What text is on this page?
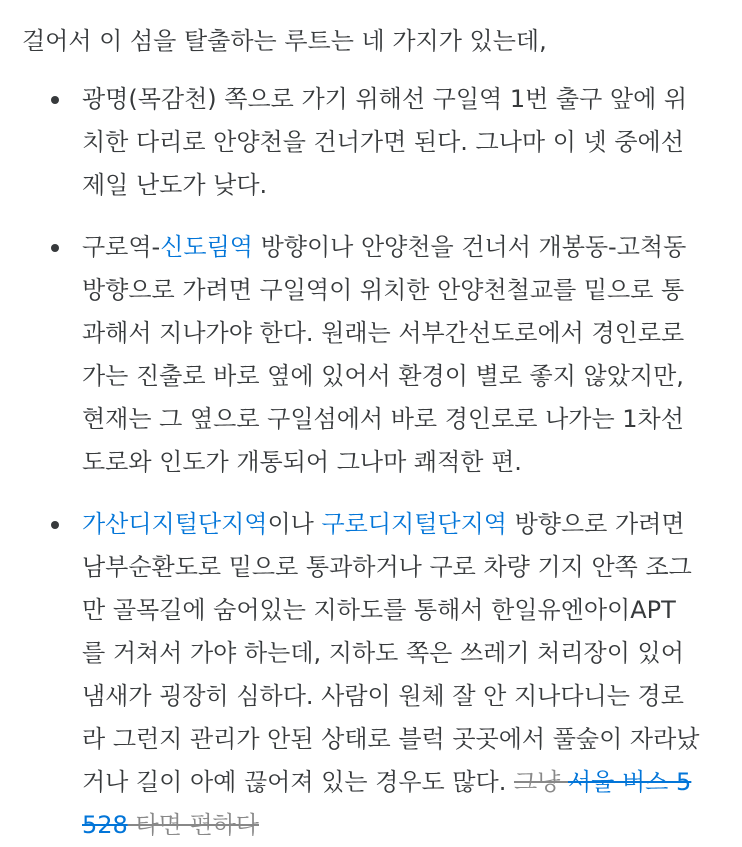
걸어서 이 섬을 탈출하는 루트는 네 가지가 있는데,

광명(목감천) 쪽으로 가기 위해선 구일역 1번 출구 앞에 위
치한 다리로 안양천을 건너가면 된다. 그나마 이 넷 중에선
제일 난도가 낮다.
구로역-신도림역 방향이나 안양천을 건너서 개봉동-고척동
방향으로 가려면 구일역이 위치한 안양천철교를 밑으로 통
과해서 지나가야 한다. 원래는 서부간선도로에서 경인로로
가는 진출로 바로 옆에 있어서 환경이 별로 좋지 않았지만,
현재는 그 옆으로 구일섬에서 바로 경인로로 나가는 1차선
도로와 인도가 개통되어 그나마 쾌적한 편.
가산디지털단지역이나 구로디지털단지역 방향으로 가려면
남부순환도로 밑으로 통과하거나 구로 차량 기지 안쪽 조그
만 골목길에 숨어있는 지하도를 통해서 한일유엔아이APT
를 거쳐서 가야 하는데, 지하도 쪽은 쓰레기 처리장이 있어
냄새가 굉장히 심하다. 사람이 원체 잘 안 지나다니는 경로
라 그런지 관리가 안된 상태로 블럭 곳곳에서 풀숲이 자라났
거나 길이 아예 끊어져 있는 경우도 많다. 그냥 서울 버스 5
528 타면 편하다
